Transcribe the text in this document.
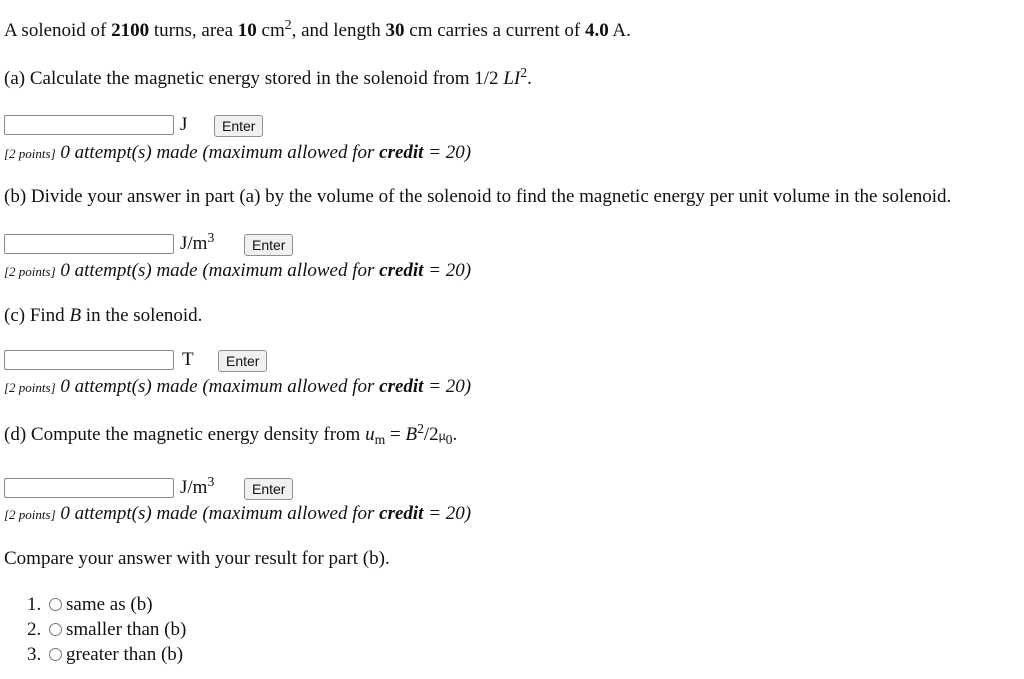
A solenoid of 2100 turns, area 10 $cm^2$, and length 30 cm carries a current of 4.0 A.
(a) Calculate the magnetic energy stored in the solenoid from 1/2 $LI^2$.
J	Enter
[2 points] 0 attempt(s) made (maximum allowed for credit = 20)
(b) Divide your answer in part (a) by the volume of the solenoid to find the magnetic energy per unit volume in the solenoid.
$J/m^3$	Enter
[2 points] 0 attempt(s) made (maximum allowed for credit = 20)
(c) Find B in the solenoid.
T	Enter
[2 points] 0 attempt(s) made (maximum allowed for credit = 20)
(d) Compute the magnetic energy density from $u_m = B^2/2\mu_0$.
$J/m^3$	Enter
[2 points] 0 attempt(s) made (maximum allowed for credit = 20)
Compare your answer with your result for part (b).
1. same as (b)
2. smaller than (b)
3. greater than (b)
